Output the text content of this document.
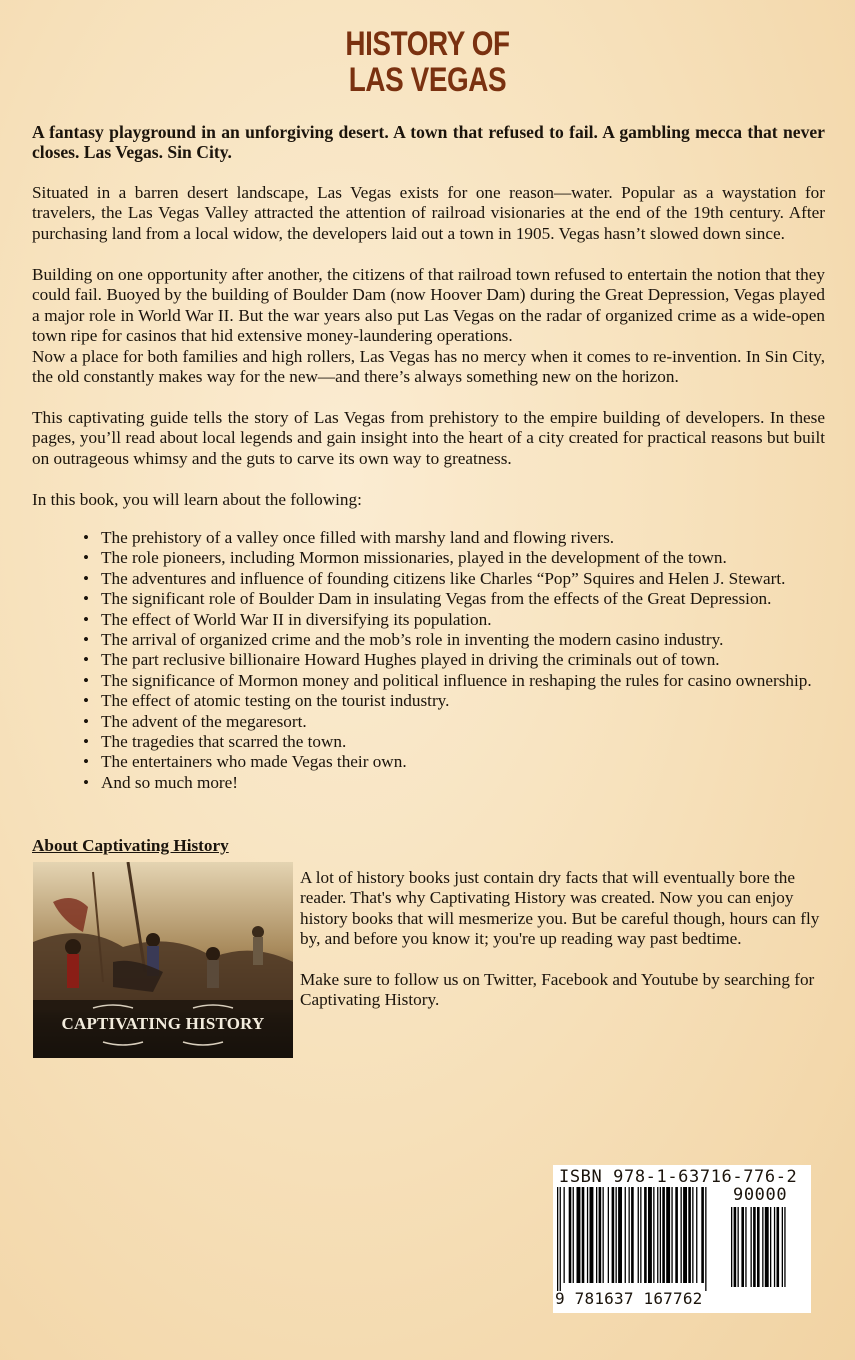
HISTORY OF
LAS VEGAS
A fantasy playground in an unforgiving desert. A town that refused to fail. A gambling mecca that never closes. Las Vegas. Sin City.
Situated in a barren desert landscape, Las Vegas exists for one reason—water. Popular as a waystation for travelers, the Las Vegas Valley attracted the attention of railroad visionaries at the end of the 19th century. After purchasing land from a local widow, the developers laid out a town in 1905. Vegas hasn’t slowed down since.
Building on one opportunity after another, the citizens of that railroad town refused to entertain the notion that they could fail. Buoyed by the building of Boulder Dam (now Hoover Dam) during the Great Depression, Vegas played a major role in World War II. But the war years also put Las Vegas on the radar of organized crime as a wide-open town ripe for casinos that hid extensive money-laundering operations.
Now a place for both families and high rollers, Las Vegas has no mercy when it comes to re-invention. In Sin City, the old constantly makes way for the new—and there’s always something new on the horizon.
This captivating guide tells the story of Las Vegas from prehistory to the empire building of developers. In these pages, you’ll read about local legends and gain insight into the heart of a city created for practical reasons but built on outrageous whimsy and the guts to carve its own way to greatness.
In this book, you will learn about the following:
• The prehistory of a valley once filled with marshy land and flowing rivers.
• The role pioneers, including Mormon missionaries, played in the development of the town.
• The adventures and influence of founding citizens like Charles “Pop” Squires and Helen J. Stewart.
• The significant role of Boulder Dam in insulating Vegas from the effects of the Great Depression.
• The effect of World War II in diversifying its population.
• The arrival of organized crime and the mob’s role in inventing the modern casino industry.
• The part reclusive billionaire Howard Hughes played in driving the criminals out of town.
• The significance of Mormon money and political influence in reshaping the rules for casino ownership.
• The effect of atomic testing on the tourist industry.
• The advent of the megaresort.
• The tragedies that scarred the town.
• The entertainers who made Vegas their own.
• And so much more!
About Captivating History
CAPTIVATING HISTORY
A lot of history books just contain dry facts that will eventually bore the reader. That's why Captivating History was created. Now you can enjoy history books that will mesmerize you. But be careful though, hours can fly by, and before you know it; you're up reading way past bedtime.
Make sure to follow us on Twitter, Facebook and Youtube by searching for Captivating History.
ISBN 978-1-63716-776-2
90000
9 781637 167762
